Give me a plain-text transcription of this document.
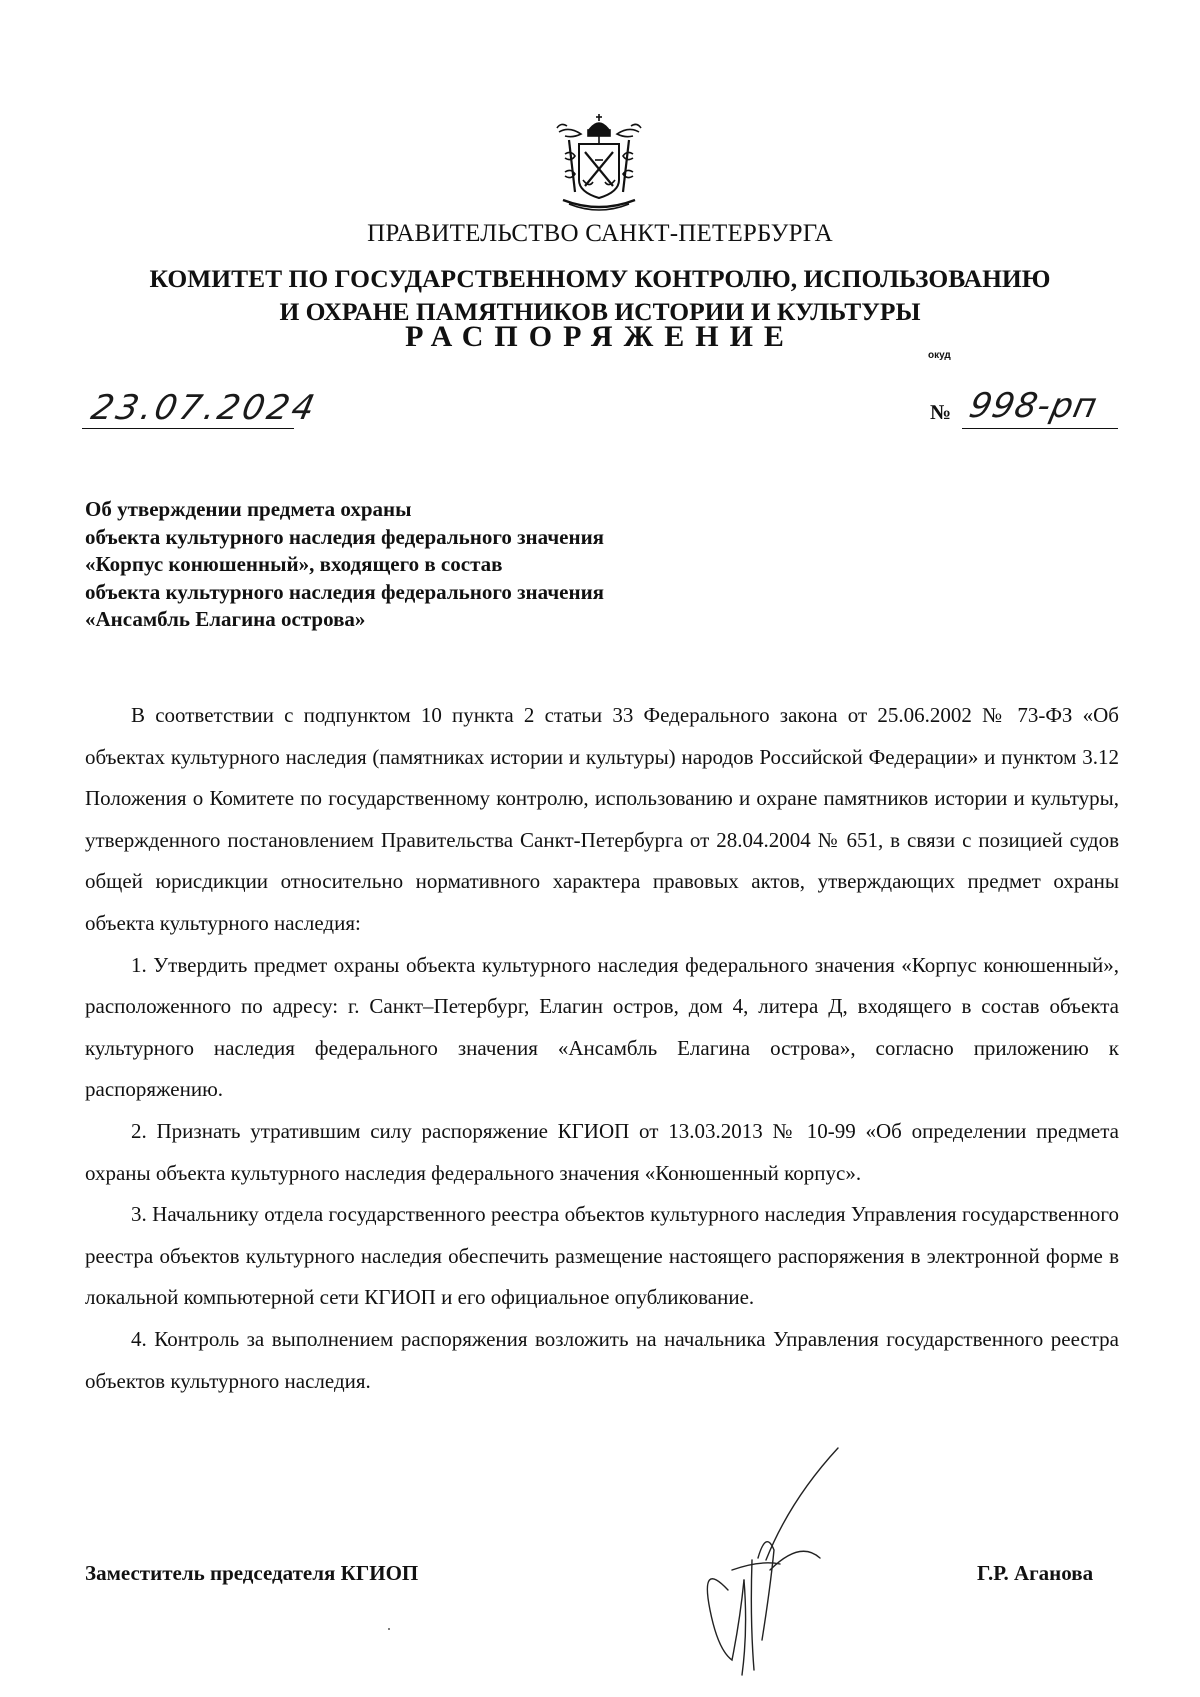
ПРАВИТЕЛЬСТВО САНКТ-ПЕТЕРБУРГА
КОМИТЕТ ПО ГОСУДАРСТВЕННОМУ КОНТРОЛЮ, ИСПОЛЬЗОВАНИЮ
И ОХРАНЕ ПАМЯТНИКОВ ИСТОРИИ И КУЛЬТУРЫ
РАСПОРЯЖЕНИЕ
окуд
23.07.2024	№ 998-рп
Об утверждении предмета охраны
объекта культурного наследия федерального значения
«Корпус конюшенный», входящего в состав
объекта культурного наследия федерального значения
«Ансамбль Елагина острова»

В соответствии с подпунктом 10 пункта 2 статьи 33 Федерального закона от 25.06.2002 № 73-ФЗ «Об объектах культурного наследия (памятниках истории и культуры) народов Российской Федерации» и пунктом 3.12 Положения о Комитете по государственному контролю, использованию и охране памятников истории и культуры, утвержденного постановлением Правительства Санкт-Петербурга от 28.04.2004 № 651, в связи с позицией судов общей юрисдикции относительно нормативного характера правовых актов, утверждающих предмет охраны объекта культурного наследия:

1. Утвердить предмет охраны объекта культурного наследия федерального значения «Корпус конюшенный», расположенного по адресу: г. Санкт–Петербург, Елагин остров, дом 4, литера Д, входящего в состав объекта культурного наследия федерального значения «Ансамбль Елагина острова», согласно приложению к распоряжению.

2. Признать утратившим силу распоряжение КГИОП от 13.03.2013 № 10-99 «Об определении предмета охраны объекта культурного наследия федерального значения «Конюшенный корпус».

3. Начальнику отдела государственного реестра объектов культурного наследия Управления государственного реестра объектов культурного наследия обеспечить размещение настоящего распоряжения в электронной форме в локальной компьютерной сети КГИОП и его официальное опубликование.

4. Контроль за выполнением распоряжения возложить на начальника Управления государственного реестра объектов культурного наследия.

Заместитель председателя КГИОП	Г.Р. Аганова
